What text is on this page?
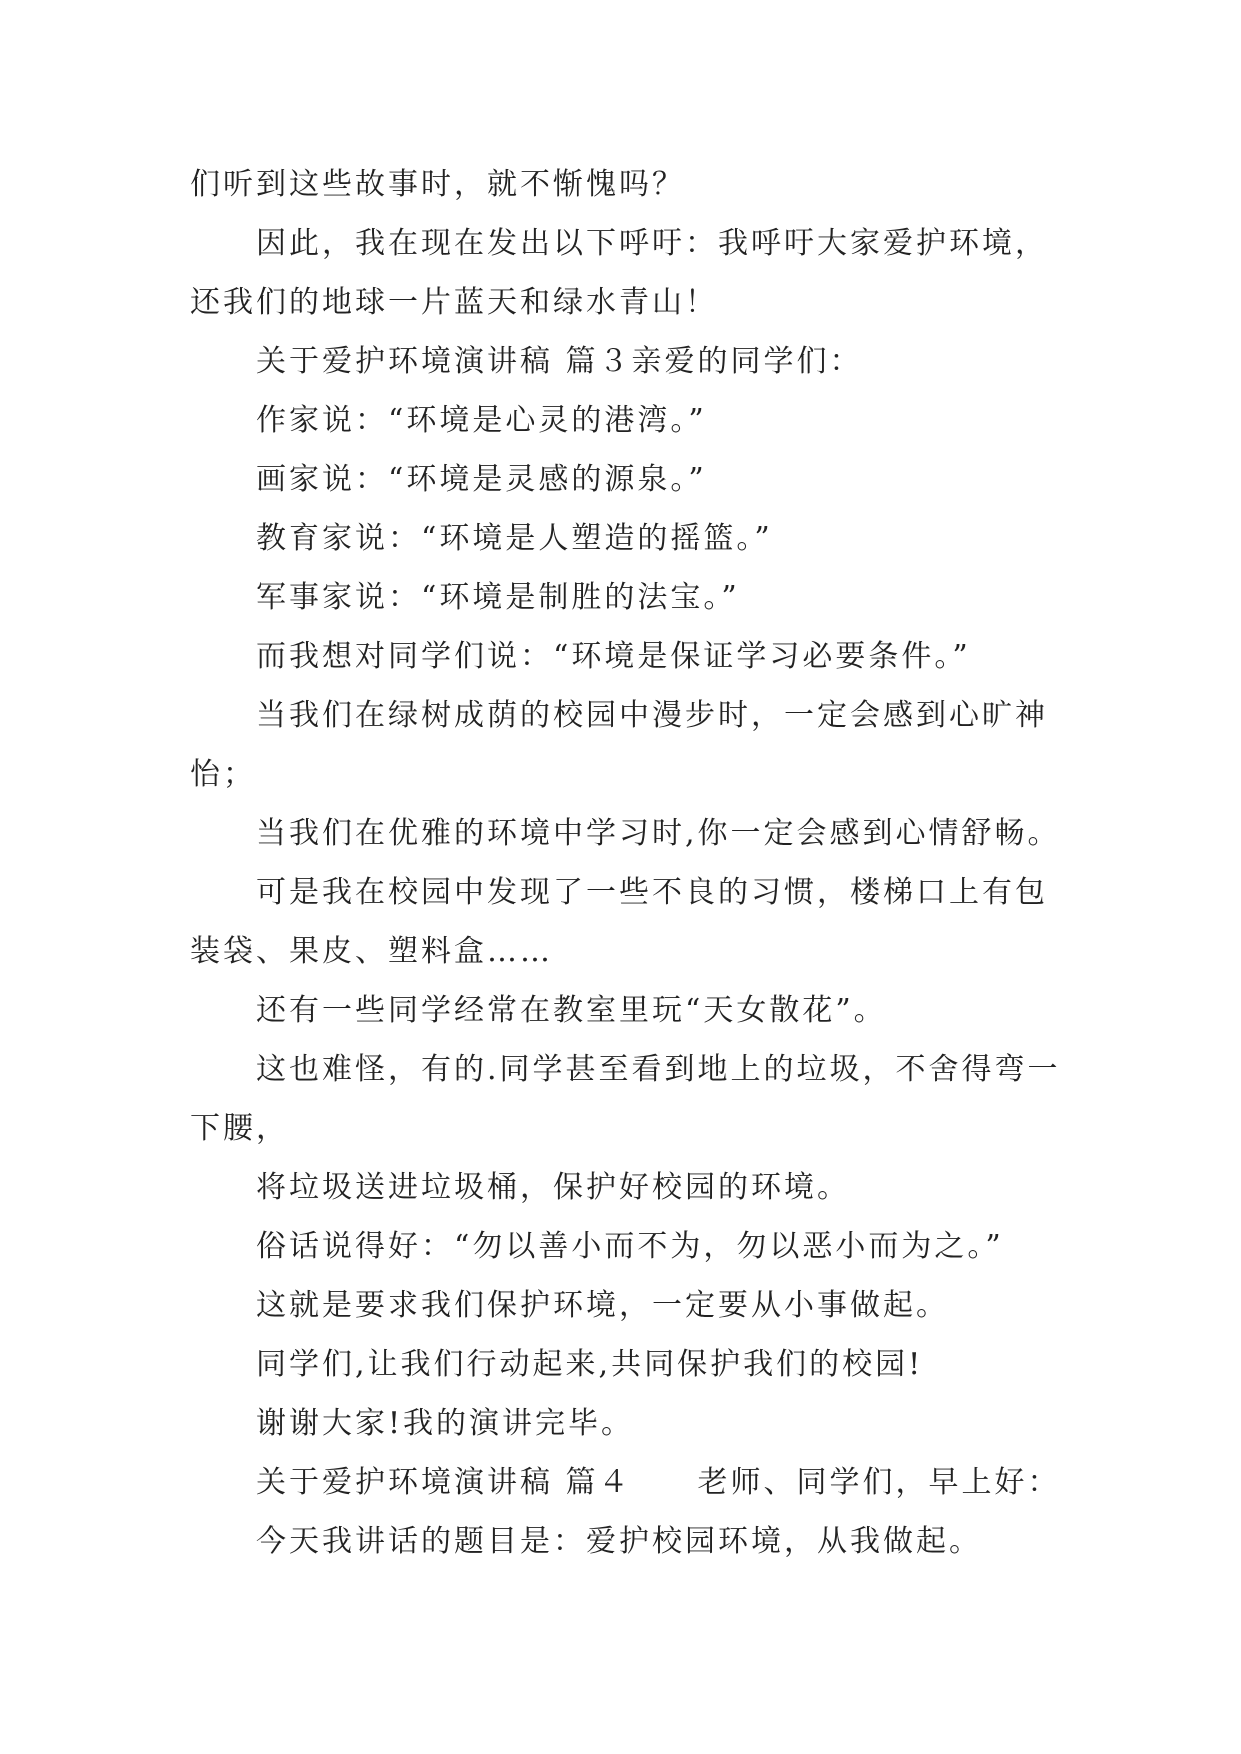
们听到这些故事时，就不惭愧吗？

因此，我在现在发出以下呼吁：我呼吁大家爱护环境，还我们的地球一片蓝天和绿水青山！

关于爱护环境演讲稿 篇３亲爱的同学们：

作家说：“环境是心灵的港湾。”

画家说：“环境是灵感的源泉。”

教育家说：“环境是人塑造的摇篮。”

军事家说：“环境是制胜的法宝。”

而我想对同学们说：“环境是保证学习必要条件。”

当我们在绿树成荫的校园中漫步时，一定会感到心旷神怡；

当我们在优雅的环境中学习时,你一定会感到心情舒畅。

可是我在校园中发现了一些不良的习惯，楼梯口上有包装袋、果皮、塑料盒……

还有一些同学经常在教室里玩“天女散花”。

这也难怪，有的.同学甚至看到地上的垃圾，不舍得弯一下腰，

将垃圾送进垃圾桶，保护好校园的环境。

俗话说得好：“勿以善小而不为，勿以恶小而为之。”

这就是要求我们保护环境，一定要从小事做起。

同学们,让我们行动起来,共同保护我们的校园!

谢谢大家!我的演讲完毕。

关于爱护环境演讲稿 篇４　　老师、同学们，早上好：

今天我讲话的题目是：爱护校园环境，从我做起。
